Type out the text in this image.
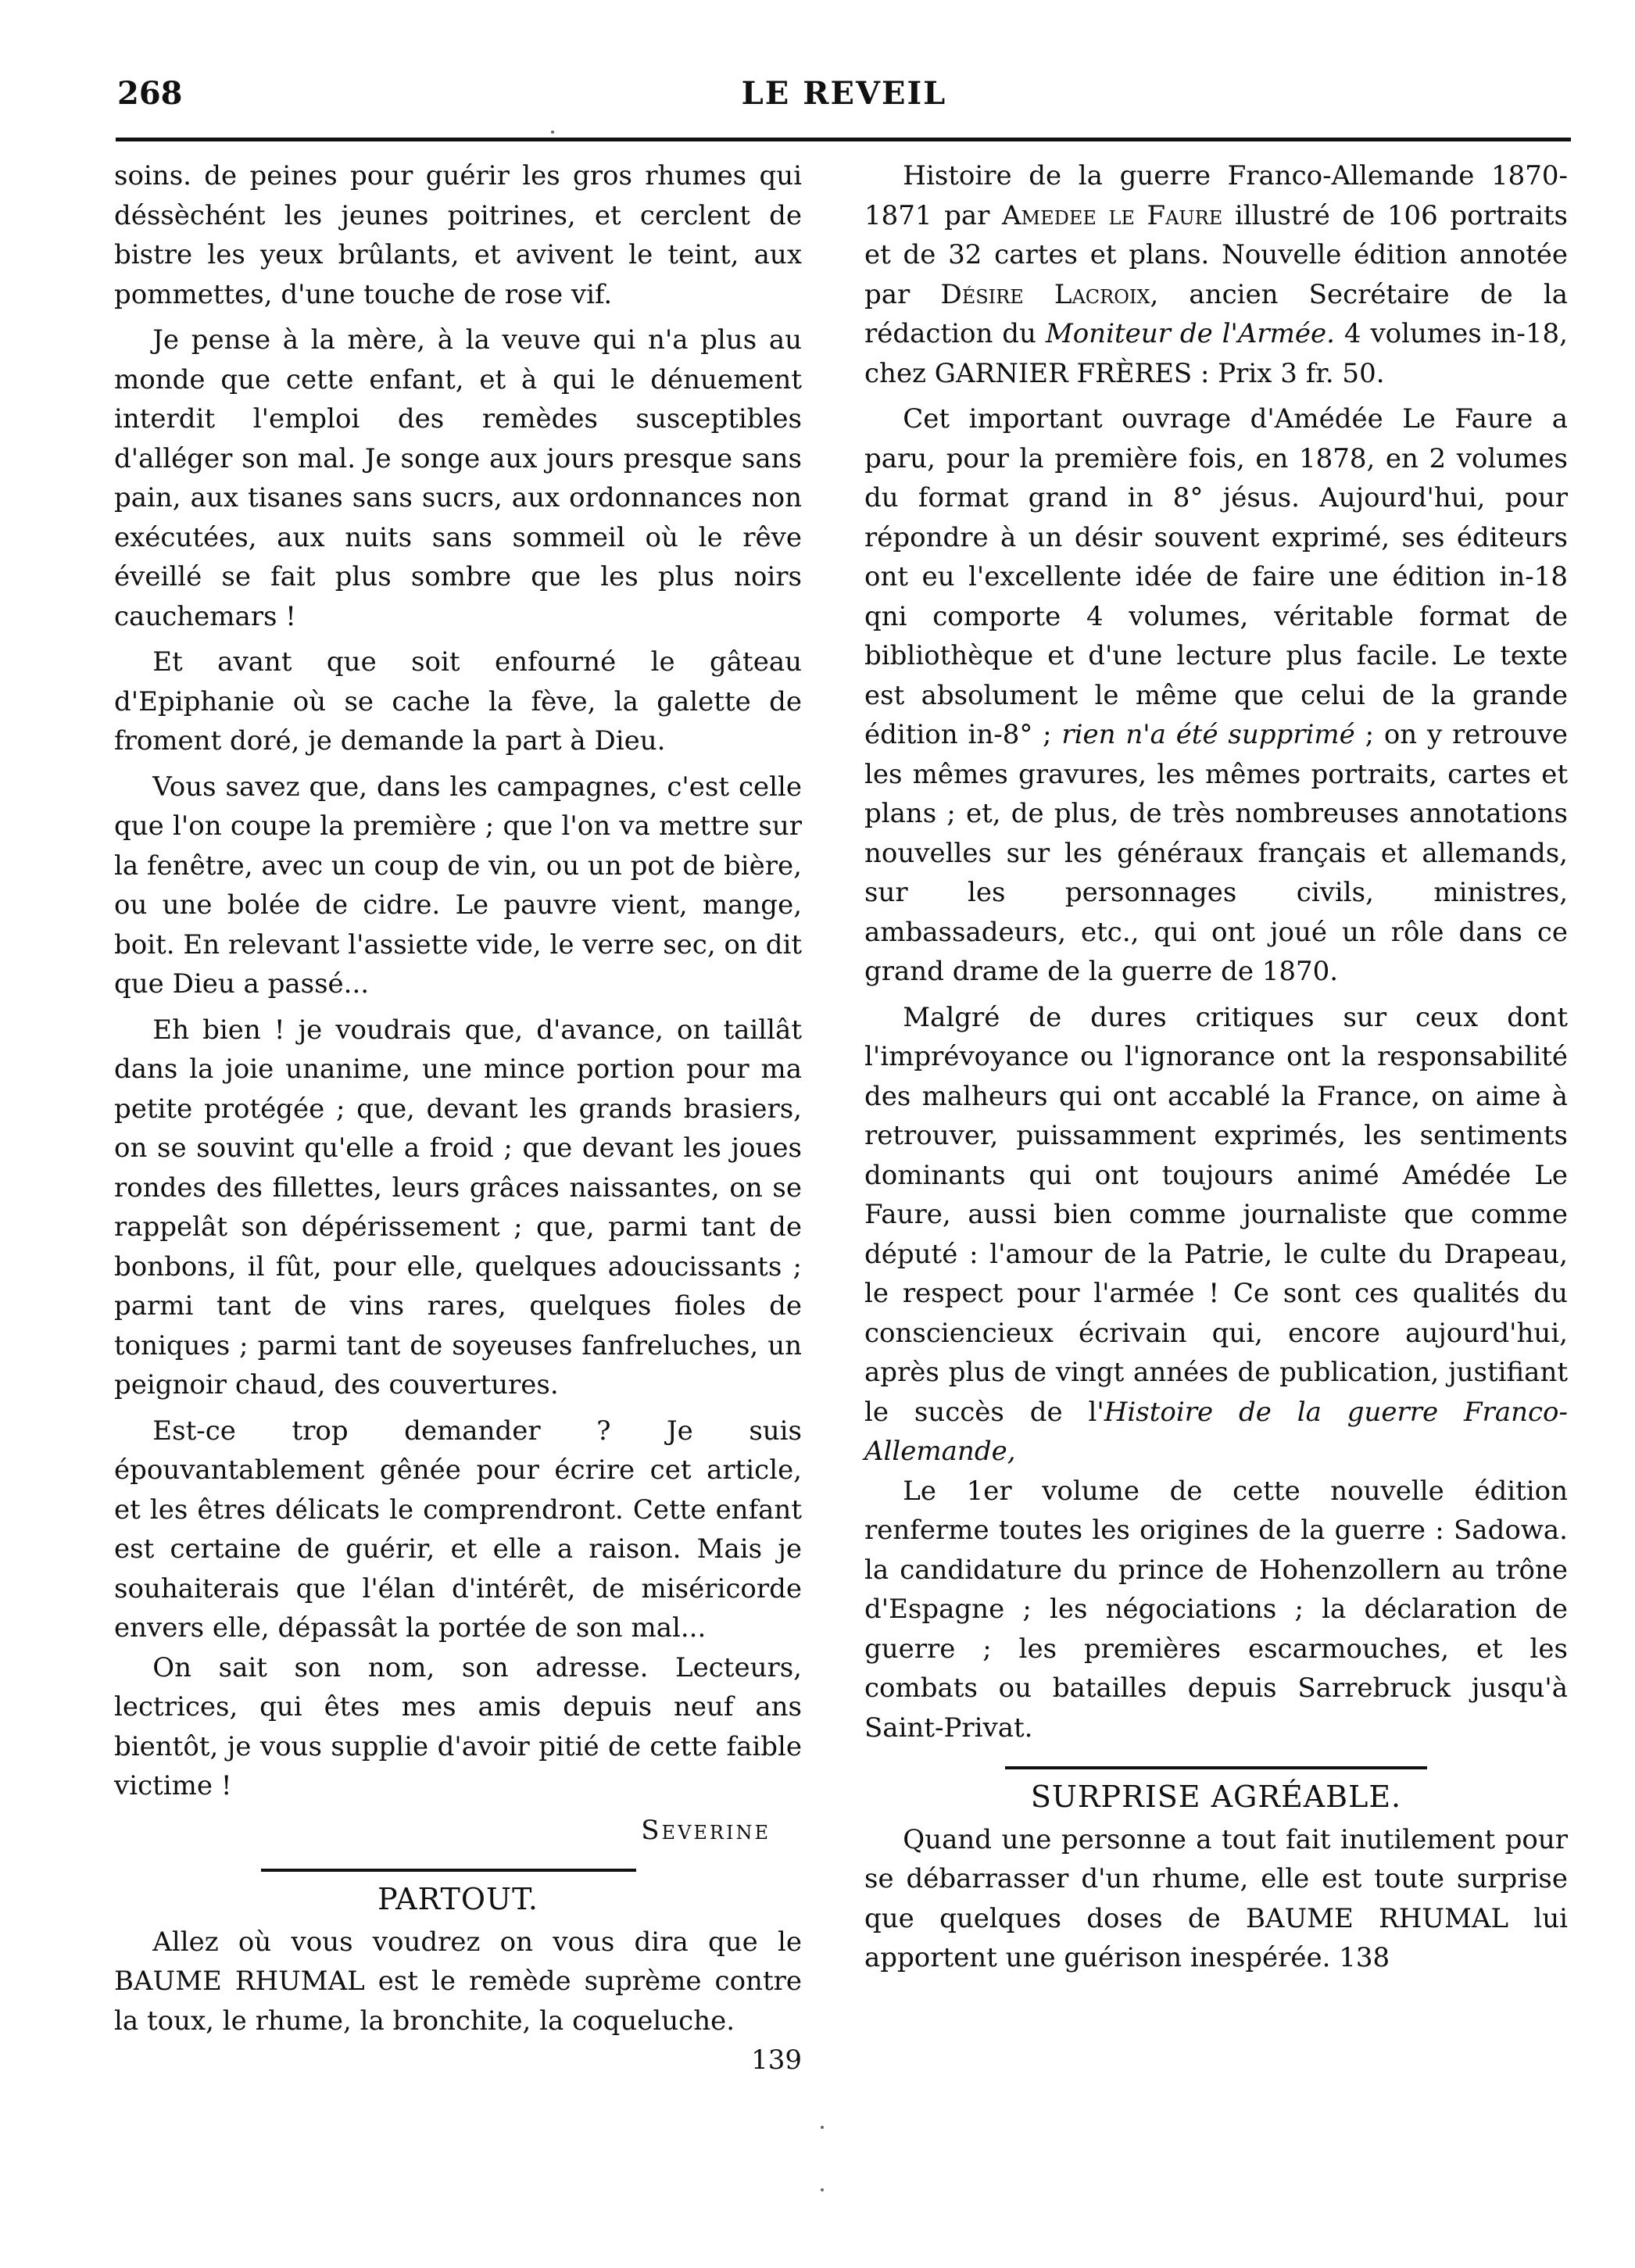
268	LE REVEIL

soins. de peines pour guérir les gros rhumes qui déssèchént les jeunes poitrines, et cerclent de bistre les yeux brûlants, et avivent le teint, aux pommettes, d'une touche de rose vif.

Je pense à la mère, à la veuve qui n'a plus au monde que cette enfant, et à qui le dénuement interdit l'emploi des remèdes susceptibles d'alléger son mal. Je songe aux jours presque sans pain, aux tisanes sans sucrs, aux ordonnances non exécutées, aux nuits sans sommeil où le rêve éveillé se fait plus sombre que les plus noirs cauchemars !

Et avant que soit enfourné le gâteau d'Epiphanie où se cache la fève, la galette de froment doré, je demande la part à Dieu.

Vous savez que, dans les campagnes, c'est celle que l'on coupe la première ; que l'on va mettre sur la fenêtre, avec un coup de vin, ou un pot de bière, ou une bolée de cidre. Le pauvre vient, mange, boit. En relevant l'assiette vide, le verre sec, on dit que Dieu a passé...

Eh bien ! je voudrais que, d'avance, on taillât dans la joie unanime, une mince portion pour ma petite protégée ; que, devant les grands brasiers, on se souvint qu'elle a froid ; que devant les joues rondes des fillettes, leurs grâces naissantes, on se rappelât son dépérissement ; que, parmi tant de bonbons, il fût, pour elle, quelques adoucissants ; parmi tant de vins rares, quelques fioles de toniques ; parmi tant de soyeuses fanfreluches, un peignoir chaud, des couvertures.

Est-ce trop demander ? Je suis épouvantablement gênée pour écrire cet article, et les êtres délicats le comprendront. Cette enfant est certaine de guérir, et elle a raison. Mais je souhaiterais que l'élan d'intérêt, de miséricorde envers elle, dépassât la portée de son mal...

On sait son nom, son adresse. Lecteurs, lectrices, qui êtes mes amis depuis neuf ans bientôt, je vous supplie d'avoir pitié de cette faible victime !

Severine
PARTOUT.

Allez où vous voudrez on vous dira que le BAUME RHUMAL est le remède suprème contre la toux, le rhume, la bronchite, la coqueluche.
139

Histoire de la guerre Franco-Allemande 1870-1871 par Amedee le Faure illustré de 106 portraits et de 32 cartes et plans. Nouvelle édition annotée par Désire Lacroix, ancien Secrétaire de la rédaction du Moniteur de l'Armée. 4 volumes in-18, chez GARNIER FRÈRES : Prix 3 fr. 50.

Cet important ouvrage d'Amédée Le Faure a paru, pour la première fois, en 1878, en 2 volumes du format grand in 8° jésus. Aujourd'hui, pour répondre à un désir souvent exprimé, ses éditeurs ont eu l'excellente idée de faire une édition in-18 qni comporte 4 volumes, véritable format de bibliothèque et d'une lecture plus facile. Le texte est absolument le même que celui de la grande édition in-8° ; rien n'a été supprimé ; on y retrouve les mêmes gravures, les mêmes portraits, cartes et plans ; et, de plus, de très nombreuses annotations nouvelles sur les généraux français et allemands, sur les personnages civils, ministres, ambassadeurs, etc., qui ont joué un rôle dans ce grand drame de la guerre de 1870.

Malgré de dures critiques sur ceux dont l'imprévoyance ou l'ignorance ont la responsabilité des malheurs qui ont accablé la France, on aime à retrouver, puissamment exprimés, les sentiments dominants qui ont toujours animé Amédée Le Faure, aussi bien comme journaliste que comme député : l'amour de la Patrie, le culte du Drapeau, le respect pour l'armée ! Ce sont ces qualités du consciencieux écrivain qui, encore aujourd'hui, après plus de vingt années de publication, justifiant le succès de l'Histoire de la guerre Franco-Allemande,

Le 1er volume de cette nouvelle édition renferme toutes les origines de la guerre : Sadowa. la candidature du prince de Hohenzollern au trône d'Espagne ; les négociations ; la déclaration de guerre ; les premières escarmouches, et les combats ou batailles depuis Sarrebruck jusqu'à Saint-Privat.

SURPRISE AGRÉABLE.

Quand une personne a tout fait inutilement pour se débarrasser d'un rhume, elle est toute surprise que quelques doses de BAUME RHUMAL lui apportent une guérison inespérée. 138
